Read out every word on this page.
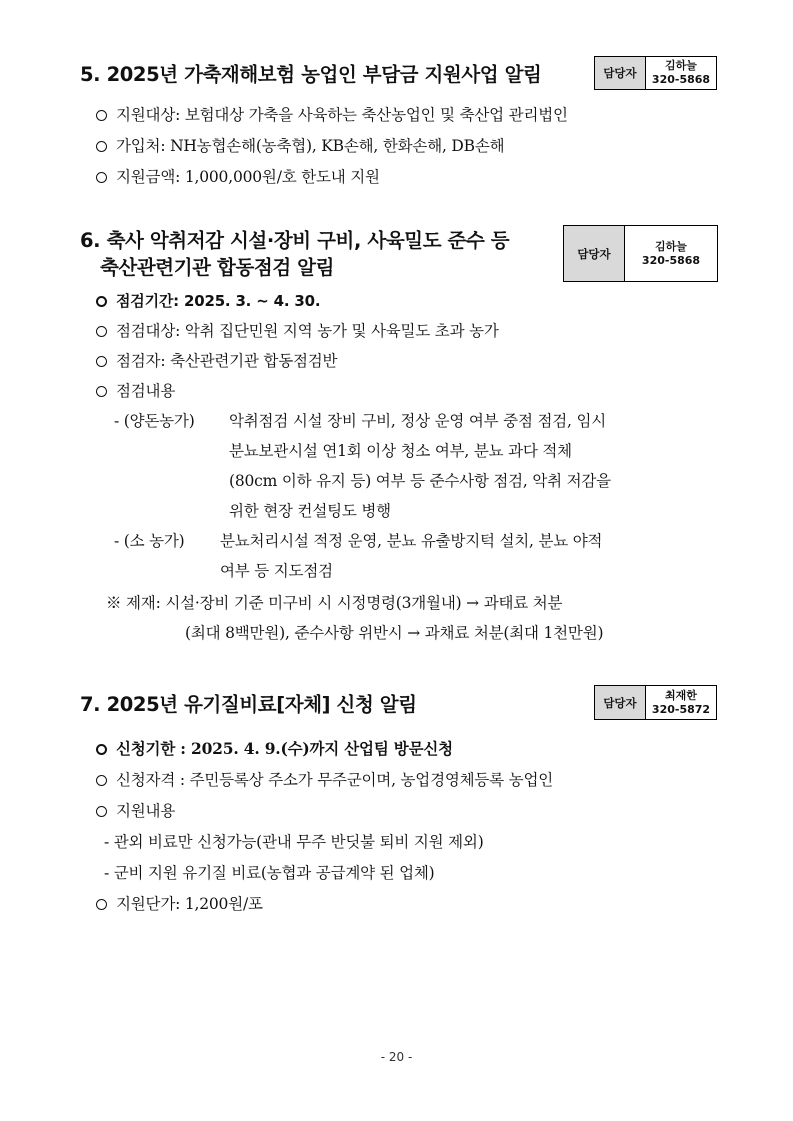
5. 2025년 가축재해보험 농업인 부담금 지원사업 알림	담당자
김하늘
320-5868
지원대상: 보험대상 가축을 사육하는 축산농업인 및 축산업 관리법인
가입처: NH농협손해(농축협), KB손해, 한화손해, DB손해
지원금액: 1,000,000원/호 한도내 지원
6. 축사 악취저감 시설·장비 구비, 사육밀도 준수 등
축산관련기관 합동점검 알림
담당자
김하늘
320-5868
점검기간: 2025. 3. ~ 4. 30.
점검대상: 악취 집단민원 지역 농가 및 사육밀도 초과 농가
점검자: 축산관련기관 합동점검반
점검내용
- (양돈농가) 악취점검 시설 장비 구비, 정상 운영 여부 중점 점검, 임시
분뇨보관시설 연1회 이상 청소 여부, 분뇨 과다 적체
(80cm 이하 유지 등) 여부 등 준수사항 점검, 악취 저감을
위한 현장 컨설팅도 병행
- (소 농가) 분뇨처리시설 적정 운영, 분뇨 유출방지턱 설치, 분뇨 야적
여부 등 지도점검
※ 제재: 시설·장비 기준 미구비 시 시정명령(3개월내) → 과태료 처분
(최대 8백만원), 준수사항 위반시 → 과채료 처분(최대 1천만원)
7. 2025년 유기질비료[자체] 신청 알림	담당자
최재한
320-5872
신청기한 : 2025. 4. 9.(수)까지 산업팀 방문신청
신청자격 : 주민등록상 주소가 무주군이며, 농업경영체등록 농업인
지원내용
- 관외 비료만 신청가능(관내 무주 반딧불 퇴비 지원 제외)
- 군비 지원 유기질 비료(농협과 공급계약 된 업체)
지원단가: 1,200원/포
- 20 -
